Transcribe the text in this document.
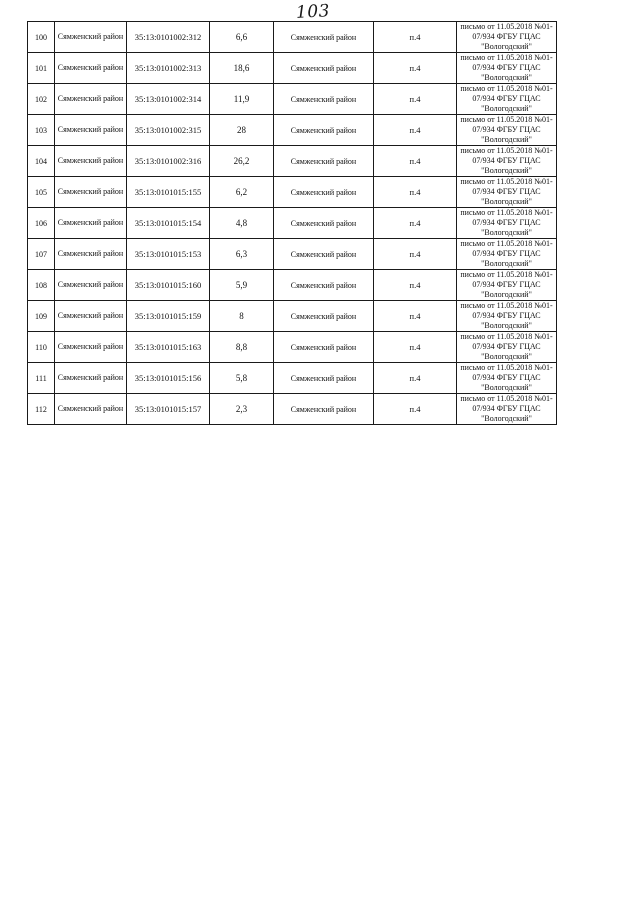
103
100	Сямженский район	35:13:0101002:312	6,6	Сямженский район	п.4	письмо от 11.05.2018 №01-07/934 ФГБУ ГЦАС "Вологодский"
101	Сямженский район	35:13:0101002:313	18,6	Сямженский район	п.4	письмо от 11.05.2018 №01-07/934 ФГБУ ГЦАС "Вологодский"
102	Сямженский район	35:13:0101002:314	11,9	Сямженский район	п.4	письмо от 11.05.2018 №01-07/934 ФГБУ ГЦАС "Вологодский"
103	Сямженский район	35:13:0101002:315	28	Сямженский район	п.4	письмо от 11.05.2018 №01-07/934 ФГБУ ГЦАС "Вологодский"
104	Сямженский район	35:13:0101002:316	26,2	Сямженский район	п.4	письмо от 11.05.2018 №01-07/934 ФГБУ ГЦАС "Вологодский"
105	Сямженский район	35:13:0101015:155	6,2	Сямженский район	п.4	письмо от 11.05.2018 №01-07/934 ФГБУ ГЦАС "Вологодский"
106	Сямженский район	35:13:0101015:154	4,8	Сямженский район	п.4	письмо от 11.05.2018 №01-07/934 ФГБУ ГЦАС "Вологодский"
107	Сямженский район	35:13:0101015:153	6,3	Сямженский район	п.4	письмо от 11.05.2018 №01-07/934 ФГБУ ГЦАС "Вологодский"
108	Сямженский район	35:13:0101015:160	5,9	Сямженский район	п.4	письмо от 11.05.2018 №01-07/934 ФГБУ ГЦАС "Вологодский"
109	Сямженский район	35:13:0101015:159	8	Сямженский район	п.4	письмо от 11.05.2018 №01-07/934 ФГБУ ГЦАС "Вологодский"
110	Сямженский район	35:13:0101015:163	8,8	Сямженский район	п.4	письмо от 11.05.2018 №01-07/934 ФГБУ ГЦАС "Вологодский"
111	Сямженский район	35:13:0101015:156	5,8	Сямженский район	п.4	письмо от 11.05.2018 №01-07/934 ФГБУ ГЦАС "Вологодский"
112	Сямженский район	35:13:0101015:157	2,3	Сямженский район	п.4	письмо от 11.05.2018 №01-07/934 ФГБУ ГЦАС "Вологодский"
